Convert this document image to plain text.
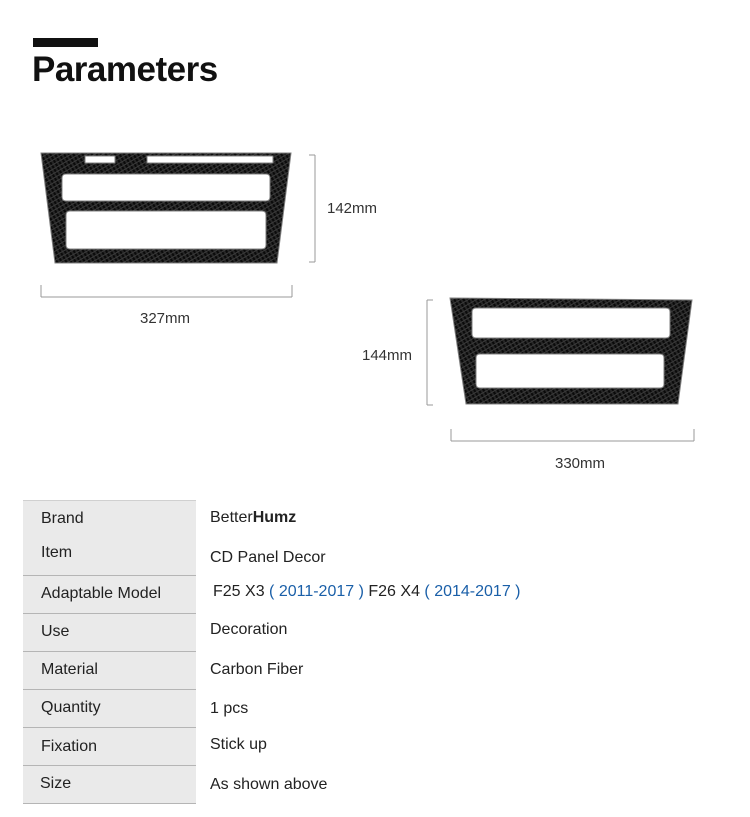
Parameters
142mm
327mm
144mm
330mm
Brand	BetterHumz
Item	CD Panel Decor
Adaptable Model	F25 X3 ( 2011-2017 ) F26 X4 ( 2014-2017 )
Use	Decoration
Material	Carbon Fiber
Quantity	1 pcs
Fixation	Stick up
Size	As shown above
